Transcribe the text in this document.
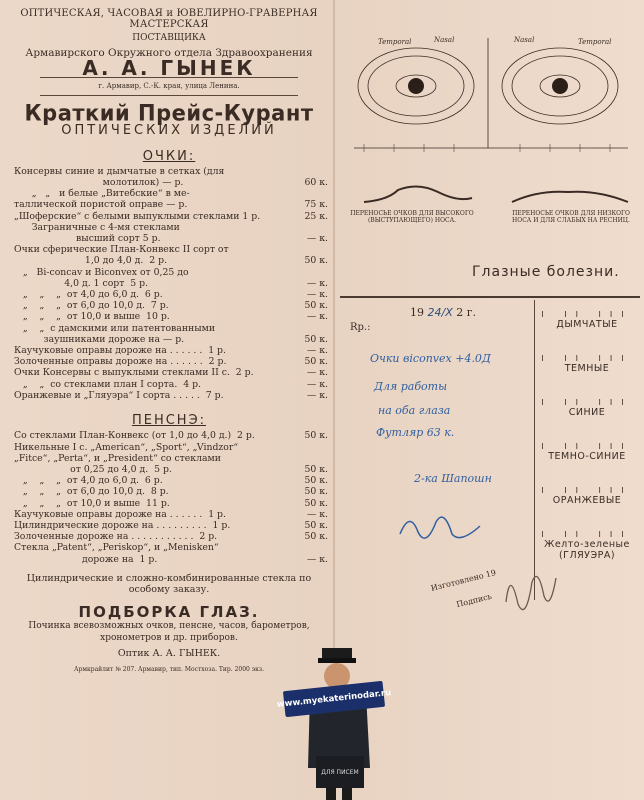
ОПТИЧЕСКАЯ, ЧАСОВАЯ и ЮВЕЛИРНО-ГРАВЕРНАЯ МАСТЕРСКАЯ
ПОСТАВЩИКА
Армавирского Окружного отдела Здравоохранения
А. А. ГЫНЕК
г. Армавир, С.-К. края, улица Ленина.
Краткий Прейс-Курант
ОПТИЧЕСКИХ ИЗДЕЛИЙ
ОЧКИ:
Консервы синие и дымчатые в сетках (для
молотилок) — р.	60 к.
„   „   и белые „Витебские“ в ме-
таллической пористой оправе — р.	75 к.
„Шоферские“ с белыми выпуклыми стеклами 1 р.	25 к.
Заграничные с 4-мя стеклами
высший сорт 5 р.	— к.
Очки сферические План-Конвекс II сорт от
1,0 до 4,0 д.  2 р.	50 к.
„   Bi-concav и Biconvex от 0,25 до
4,0 д. 1 сорт  5 р.	— к.
„    „    „  от 4,0 до 6,0 д.  6 р.	— к.
„    „    „  от 6,0 до 10,0 д.  7 р.	50 к.
„    „    „  от 10,0 и выше  10 р.	— к.
„    „  с дамскими или патентованными
заушниками дороже на — р.	50 к.
Каучуковые оправы дороже на . . . . . .  1 р.	— к.
Золоченные оправы дороже на . . . . . .  2 р.	50 к.
Очки Консервы с выпуклыми стеклами II с.  2 р.	— к.
„    „  со стеклами план I сорта.  4 р.	— к.
Оранжевые и „Гляуэра“ I сорта . . . . .  7 р.	— к.
ПЕНСНЭ:
Со стеклами План-Конвекс (от 1,0 до 4,0 д.)  2 р.	50 к.
Никельные I с. „American“, „Sport“, „Vindzor“
„Fitce“, „Perta“, и „President“ со стеклами
от 0,25 до 4,0 д.  5 р.	50 к.
„    „    „  от 4,0 до 6,0 д.  6 р.	50 к.
„    „    „  от 6,0 до 10,0 д.  8 р.	50 к.
„    „    „  от 10,0 и выше  11 р.	50 к.
Каучуковые оправы дороже на . . . . . .  1 р.	— к.
Цилиндрические дороже на . . . . . . . . .  1 р.	50 к.
Золоченные дороже на . . . . . . . . . . .  2 р.	50 к.
Стекла „Patent“, „Periskop“, и „Menisken“
дороже на  1 р.	— к.
Цилиндрические и сложно-комбинированные стекла по особому заказу.
ПОДБОРКА ГЛАЗ.
Починка всевозможных очков, пенсне, часов, барометров, хронометров и др. приборов.
Оптик А. А. ГЫНЕК.
Армкрайлит № 207. Армавир, тип. Мостхоза. Тир. 2000 экз.
Temporal	Nasal	Nasal	Temporal
ПЕРЕНОСЬЕ ОЧКОВ ДЛЯ ВЫСОКОГО (ВЫСТУПАЮЩЕГО) НОСА.
ПЕРЕНОСЬЕ ОЧКОВ ДЛЯ НИЗКОГО НОСА И ДЛЯ СЛАБЫХ НА РЕСНИЦ.
Глазные болезни.
19 24/X 2 г.
Rp.:
Очки вiconvex +4.0Д
Для работы
на оба глаза
Футляр 63 к.
2-ка Шапошн
I II III
ДЫМЧАТЫЕ
I II III
ТЕМНЫЕ
I II III
СИНИЕ
I II III
ТЕМНО-СИНИЕ
I II III
ОРАНЖЕВЫЕ
I II III
Желто-зеленые (ГЛЯУЭРА)
Изготовлено 19
Подпись
ДЛЯ ПИСЕМ
www.myekaterinodar.ru
